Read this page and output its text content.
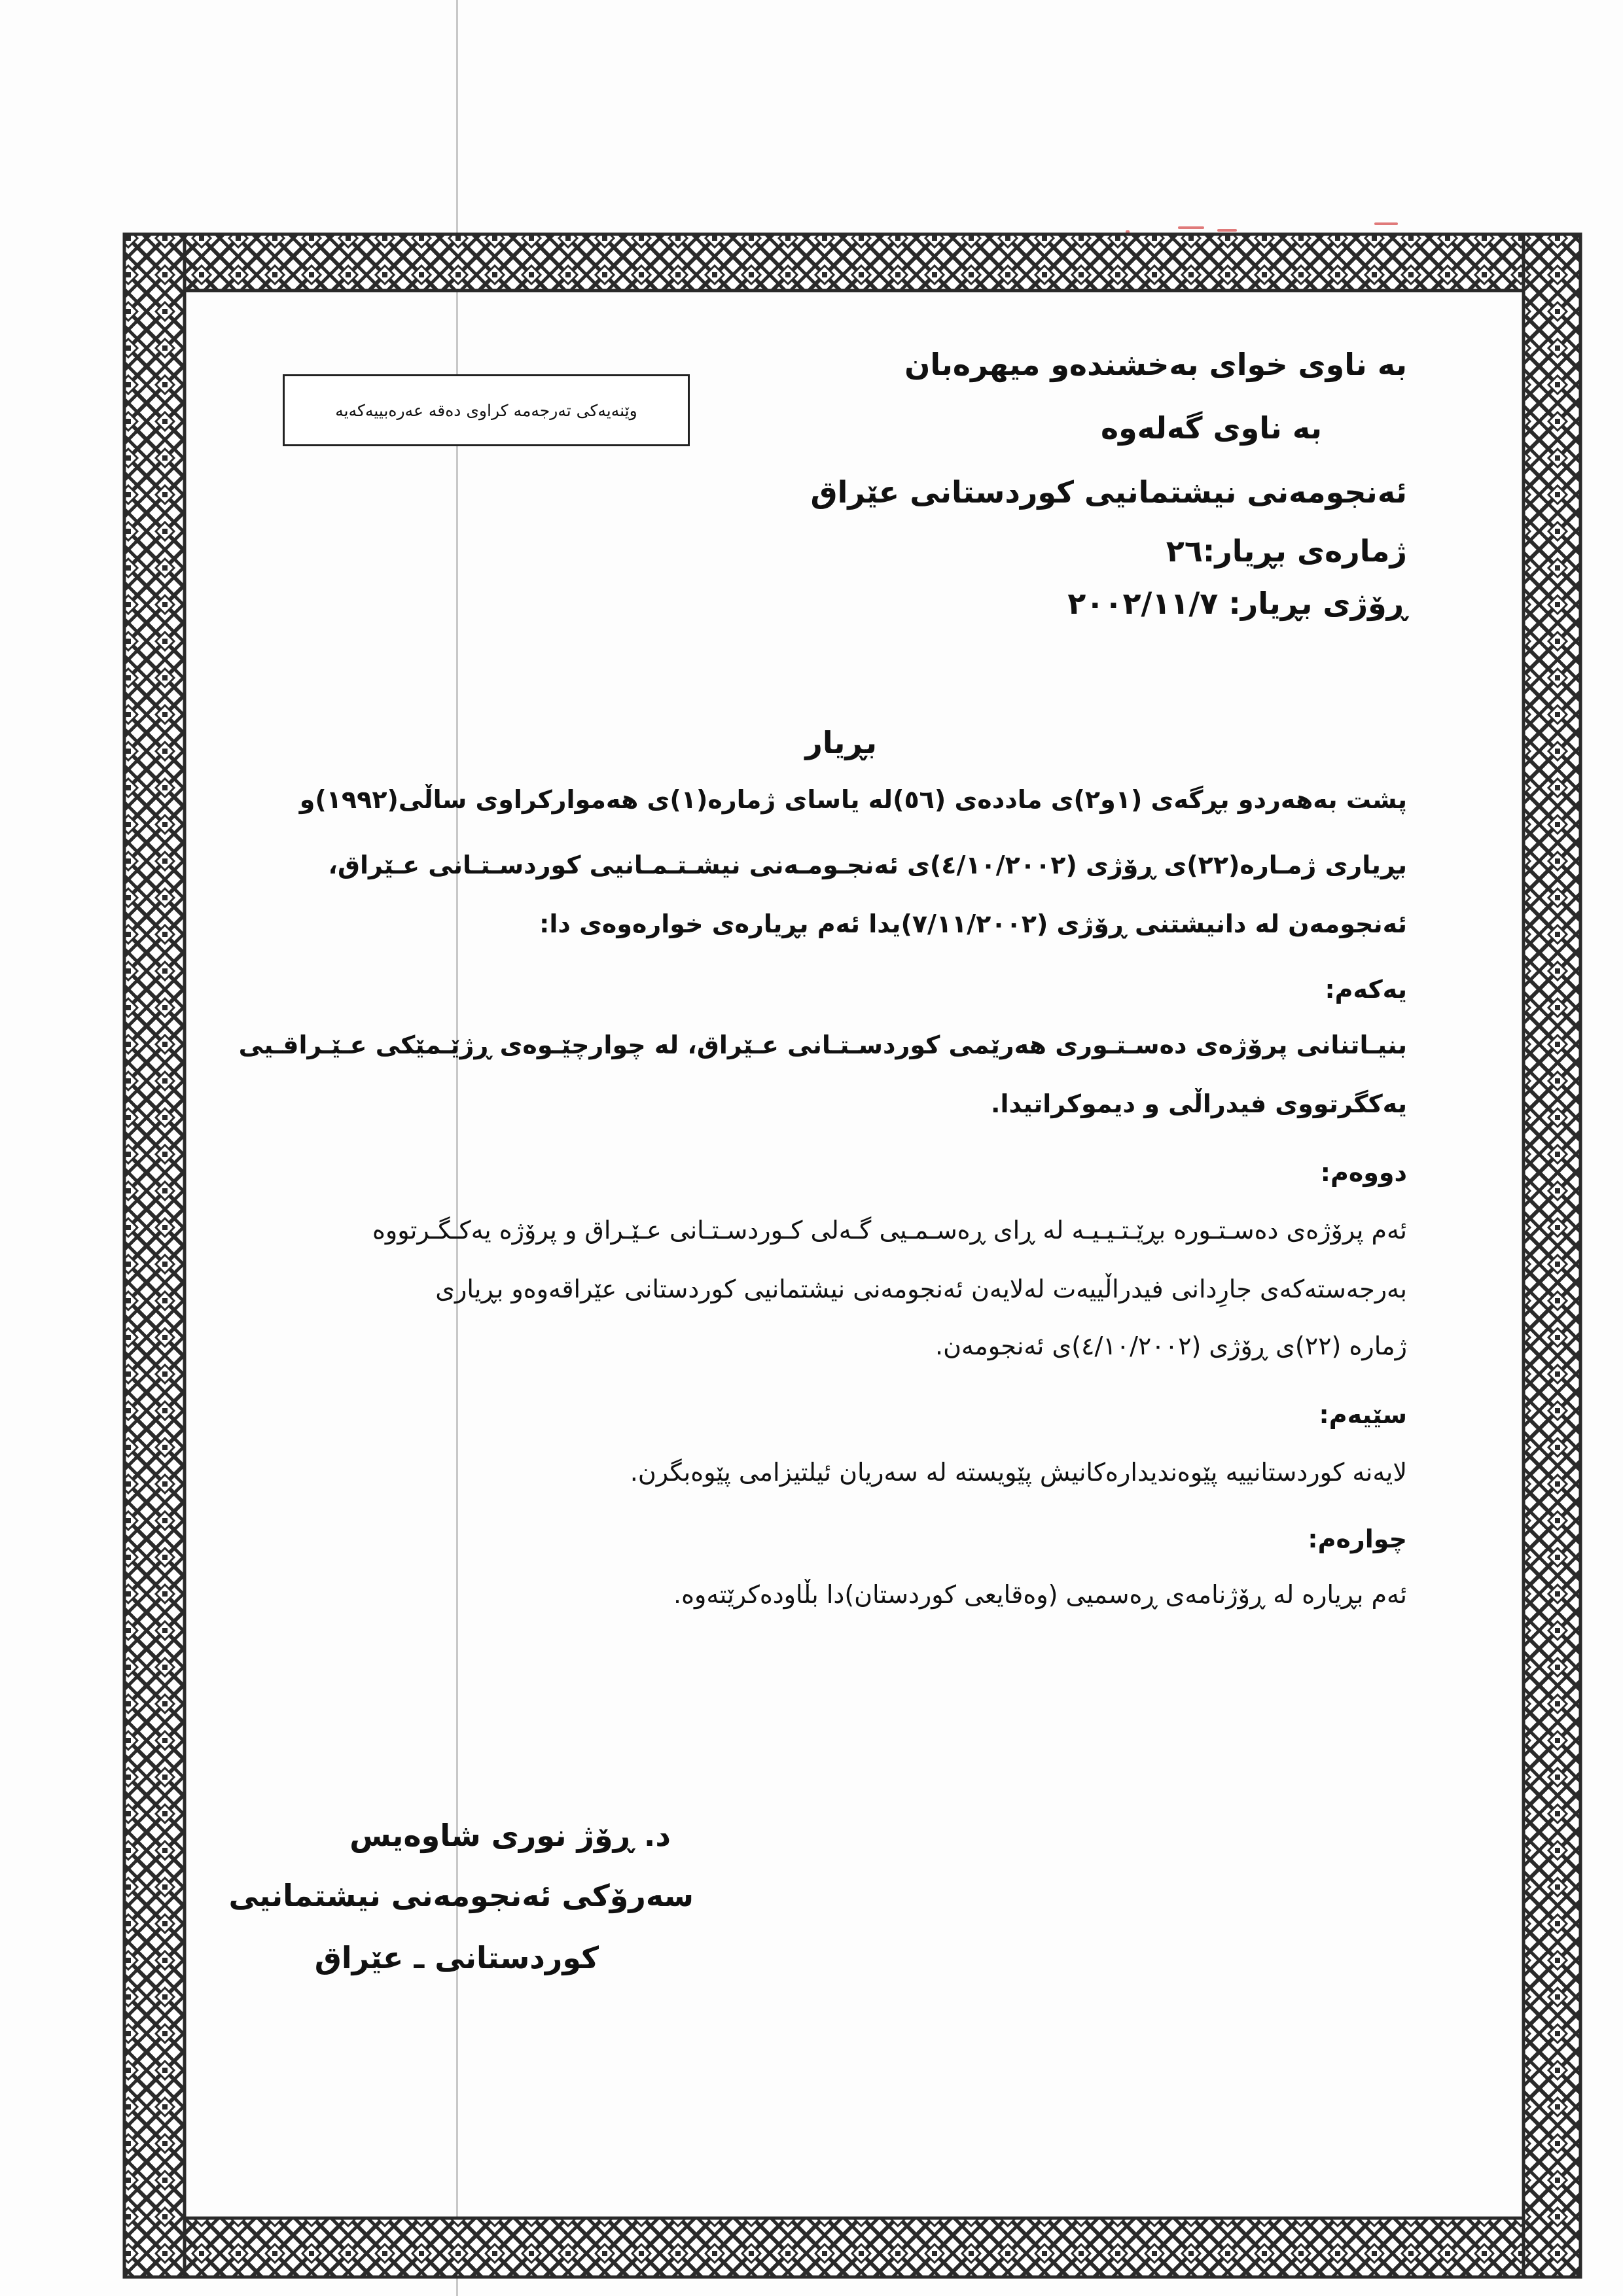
وێنەیەکی تەرجەمە کراوی دەقە عەرەبییەکەیە
بە ناوی خوای بەخشندەو میهرەبان
بە ناوی گەلەوە
ئەنجومەنی نیشتمانیی کوردستانی عێراق
ژمارەی بڕیار:٢٦
ڕۆژی بڕیار: ٢٠٠٢/١١/٧
بڕیار
پشت بەهەردو بڕگەی (١و٢)ی ماددەی (٥٦)لە یاسای ژمارە(١)ی هەمواركراوی ساڵی(١٩٩٢)و
بڕیاری ژمـارە(٢٢)ی ڕۆژی (٤/١٠/٢٠٠٢)ی ئەنجـومـەنی نیشـتـمـانیی کوردسـتـانی عـێراق،
ئەنجومەن لە دانیشتنی ڕۆژی (٧/١١/٢٠٠٢)یدا ئەم بڕیارەی خوارەوەی دا:
یەکەم:
بنیـاتنانی پرۆژەی دەسـتـوری هەرێمی کوردسـتـانی عـێراق، لە چوارچێـوەی ڕژێـمێکی عـێـراقـیی
یەکگرتووی فیدراڵی و دیموکراتیدا.
دووەم:
ئەم پرۆژەی دەسـتـورە بڕێـتـیـیـە لە ڕای ڕەسـمـیی گـەلی کـوردسـتـانی عـێـراق و پرۆژە یەکـگـرتووە
بەرجەستەکەی جارِدانی فیدراڵییەت لەلایەن ئەنجومەنی نیشتمانیی کوردستانی عێراقەوەو بڕیاری
ژمارە (٢٢)ی ڕۆژی (٤/١٠/٢٠٠٢)ی ئەنجومەن.
سێیەم:
لایەنە کوردستانییە پێوەندیدارەکانیش پێویستە لە سەریان ئیلتیزامی پێوەبگرن.
چوارەم:
ئەم بڕیارە لە ڕۆژنامەی ڕەسمیی (وەقایعی کوردستان)دا بڵاودەکرێتەوە.
د. ڕۆژ نوری شاوەیس
سەرۆکی ئەنجومەنی نیشتمانیی
کوردستانی ـ عێراق
